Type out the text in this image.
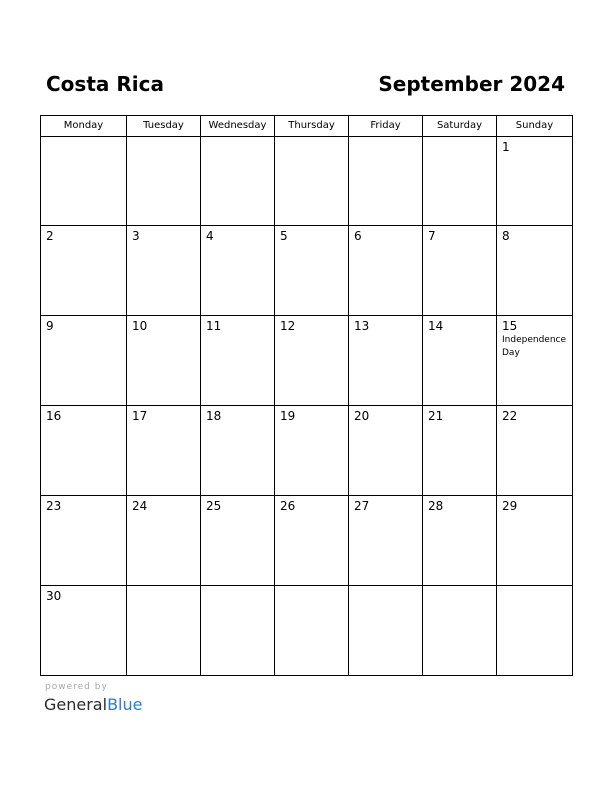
Costa Rica	September 2024
Monday	Tuesday	Wednesday	Thursday	Friday	Saturday	Sunday

						1

2	3	4	5	6	7	8

9	10	11	12	13	14	15
Independence Day

16	17	18	19	20	21	22

23	24	25	26	27	28	29

30						

powered by
GeneralBlue
